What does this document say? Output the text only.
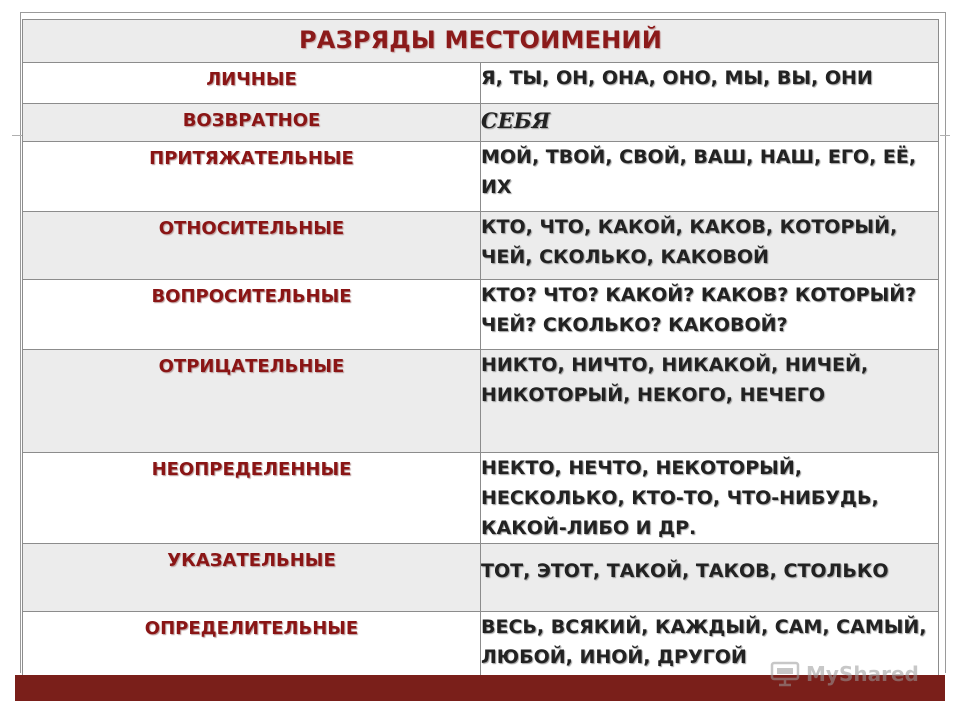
РАЗРЯДЫ МЕСТОИМЕНИЙ	
ЛИЧНЫЕ	Я, ТЫ, ОН, ОНА, ОНО, МЫ, ВЫ, ОНИ

ВОЗВРАТНОЕ	СЕБЯ

ПРИТЯЖАТЕЛЬНЫЕ	МОЙ, ТВОЙ, СВОЙ, ВАШ, НАШ, ЕГО, ЕЁ, ИХ

ОТНОСИТЕЛЬНЫЕ	КТО, ЧТО, КАКОЙ, КАКОВ, КОТОРЫЙ, ЧЕЙ, СКОЛЬКО, КАКОВОЙ

ВОПРОСИТЕЛЬНЫЕ	КТО? ЧТО? КАКОЙ? КАКОВ? КОТОРЫЙ? ЧЕЙ? СКОЛЬКО? КАКОВОЙ?

ОТРИЦАТЕЛЬНЫЕ	НИКТО, НИЧТО, НИКАКОЙ, НИЧЕЙ, НИКОТОРЫЙ, НЕКОГО, НЕЧЕГО

НЕОПРЕДЕЛЕННЫЕ	НЕКТО, НЕЧТО, НЕКОТОРЫЙ, НЕСКОЛЬКО, КТО-ТО, ЧТО-НИБУДЬ, КАКОЙ-ЛИБО И ДР.

УКАЗАТЕЛЬНЫЕ	ТОТ, ЭТОТ, ТАКОЙ, ТАКОВ, СТОЛЬКО

ОПРЕДЕЛИТЕЛЬНЫЕ	ВЕСЬ, ВСЯКИЙ, КАЖДЫЙ, САМ, САМЫЙ, ЛЮБОЙ, ИНОЙ, ДРУГОЙ
MyShared
